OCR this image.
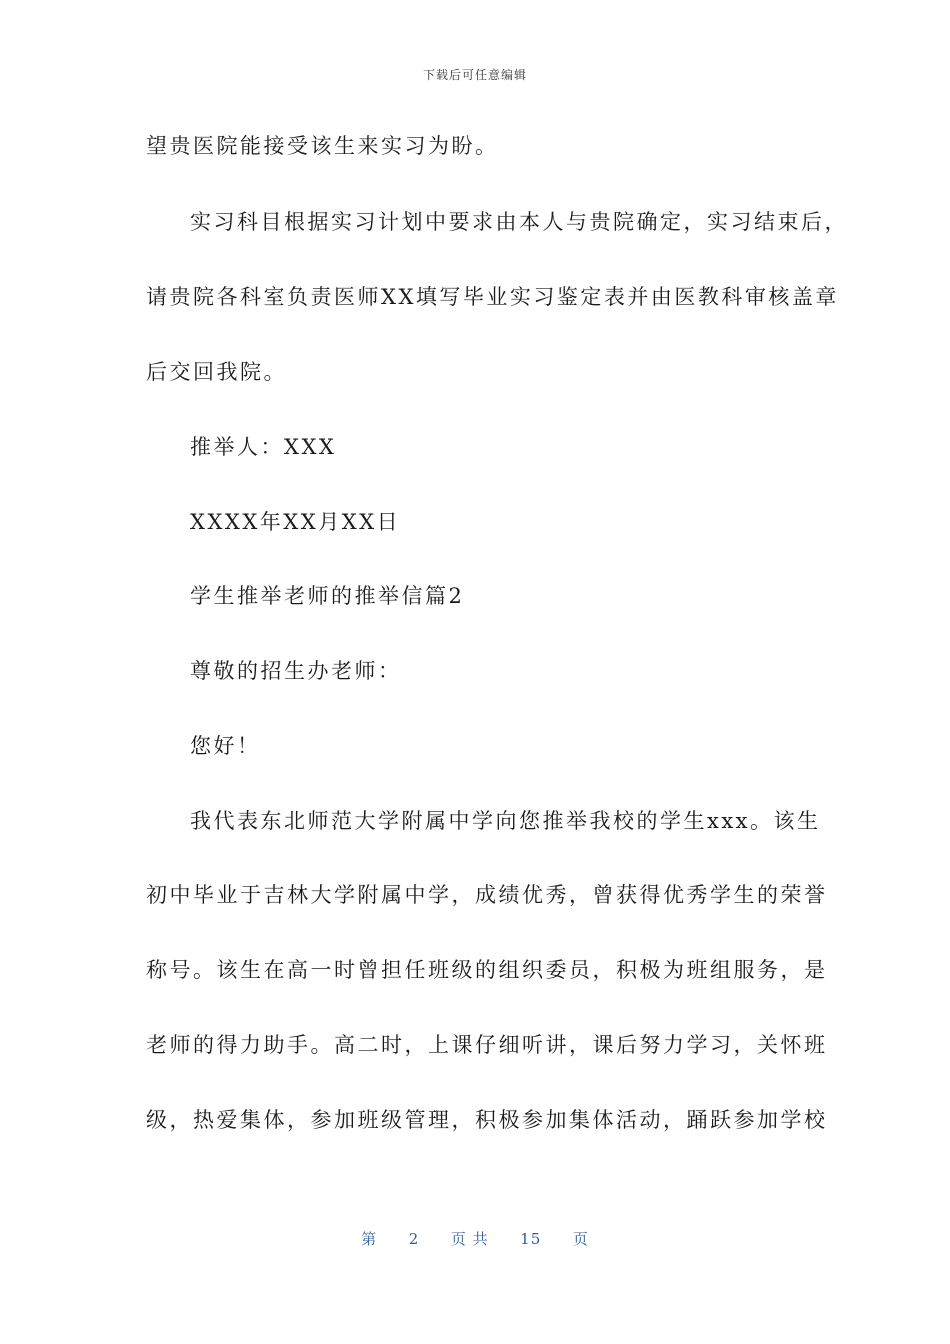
下载后可任意编辑
望贵医院能接受该生来实习为盼。
实习科目根据实习计划中要求由本人与贵院确定，实习结束后，
请贵院各科室负责医师XX填写毕业实习鉴定表并由医教科审核盖章
后交回我院。
推举人：XXX
XXXX年XX月XX日
学生推举老师的推举信篇2
尊敬的招生办老师：
您好！
我代表东北师范大学附属中学向您推举我校的学生xxx。该生
初中毕业于吉林大学附属中学，成绩优秀，曾获得优秀学生的荣誉
称号。该生在高一时曾担任班级的组织委员，积极为班组服务，是
老师的得力助手。高二时，上课仔细听讲，课后努力学习，关怀班
级，热爱集体，参加班级管理，积极参加集体活动，踊跃参加学校
第 2 页 共 15 页
